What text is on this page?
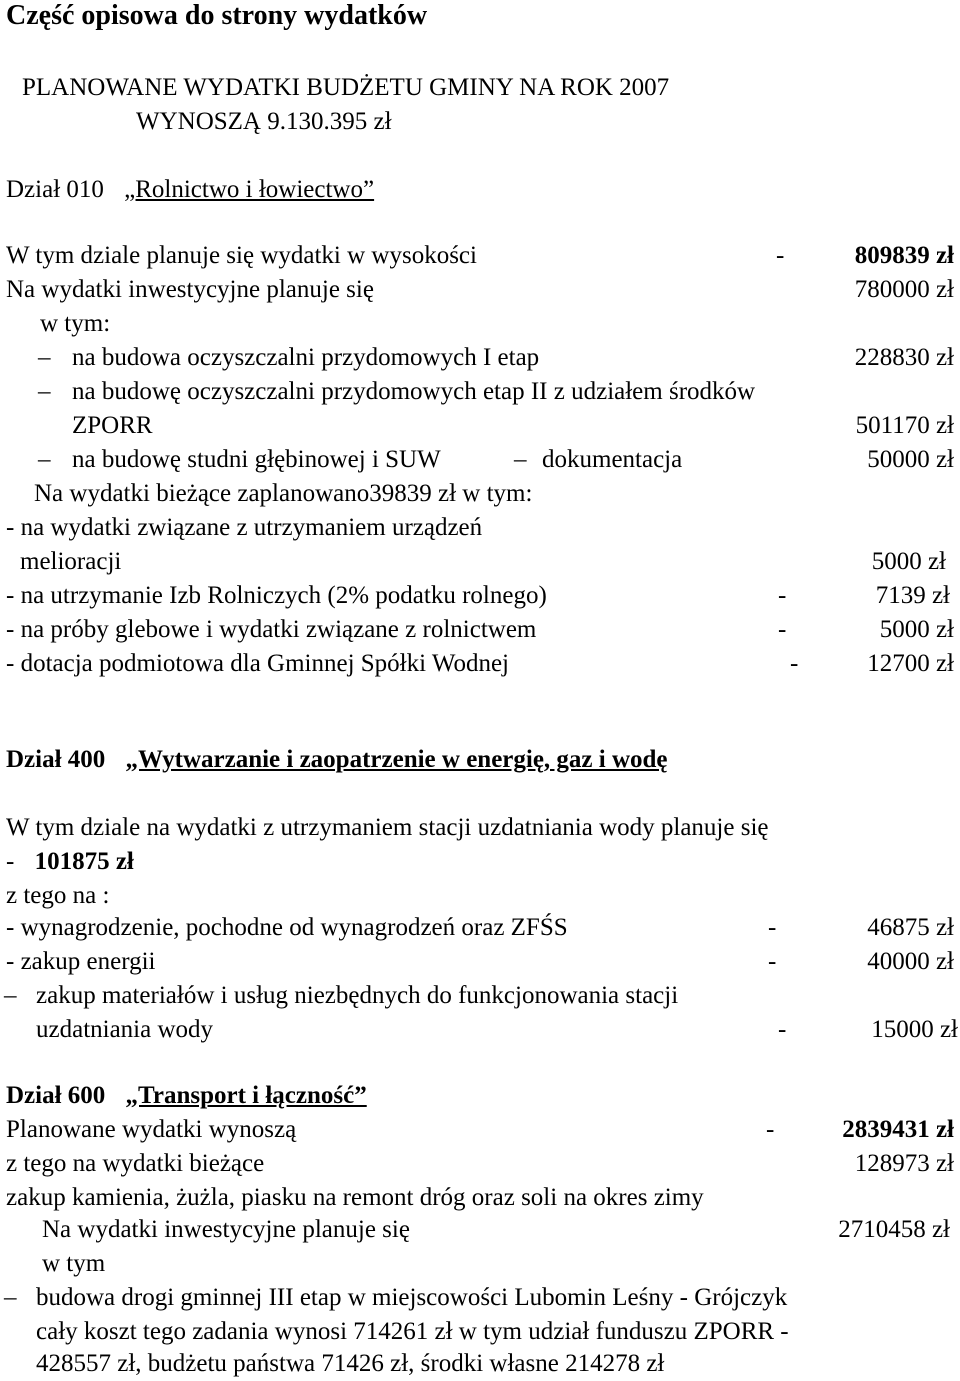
Część opisowa do strony wydatków
PLANOWANE WYDATKI BUDŻETU GMINY NA ROK 2007
WYNOSZĄ 9.130.395 zł
Dział 010 „Rolnictwo i łowiectwo”
W tym dziale planuje się wydatki w wysokości	-	809839 zł
Na wydatki inwestycyjne planuje się	780000 zł
w tym:
– na budowa oczyszczalni przydomowych I etap	228830 zł
– na budowę oczyszczalni przydomowych etap II z udziałem środków
ZPORR	501170 zł
– na budowę studni głębinowej i SUW	– dokumentacja	50000 zł
Na wydatki bieżące zaplanowano39839 zł w tym:
- na wydatki związane z utrzymaniem urządzeń
melioracji	5000 zł
- na utrzymanie Izb Rolniczych (2% podatku rolnego)	-	7139 zł
- na próby glebowe i wydatki związane z rolnictwem	-	5000 zł
- dotacja podmiotowa dla Gminnej Spółki Wodnej	-	12700 zł
Dział 400 „Wytwarzanie i zaopatrzenie w energię, gaz i wodę
W tym dziale na wydatki z utrzymaniem stacji uzdatniania wody planuje się
- 101875 zł
z tego na :
- wynagrodzenie, pochodne od wynagrodzeń oraz ZFŚS	-	46875 zł
- zakup energii	-	40000 zł
– zakup materiałów i usług niezbędnych do funkcjonowania stacji
uzdatniania wody	-	15000 zł
Dział 600 „Transport i łączność”
Planowane wydatki wynoszą	-	2839431 zł
z tego na wydatki bieżące	128973 zł
zakup kamienia, żużla, piasku na remont dróg oraz soli na okres zimy
Na wydatki inwestycyjne planuje się	2710458 zł
w tym
– budowa drogi gminnej III etap w miejscowości Lubomin Leśny - Grójczyk
cały koszt tego zadania wynosi 714261 zł w tym udział funduszu ZPORR -
428557 zł, budżetu państwa 71426 zł, środki własne 214278 zł
